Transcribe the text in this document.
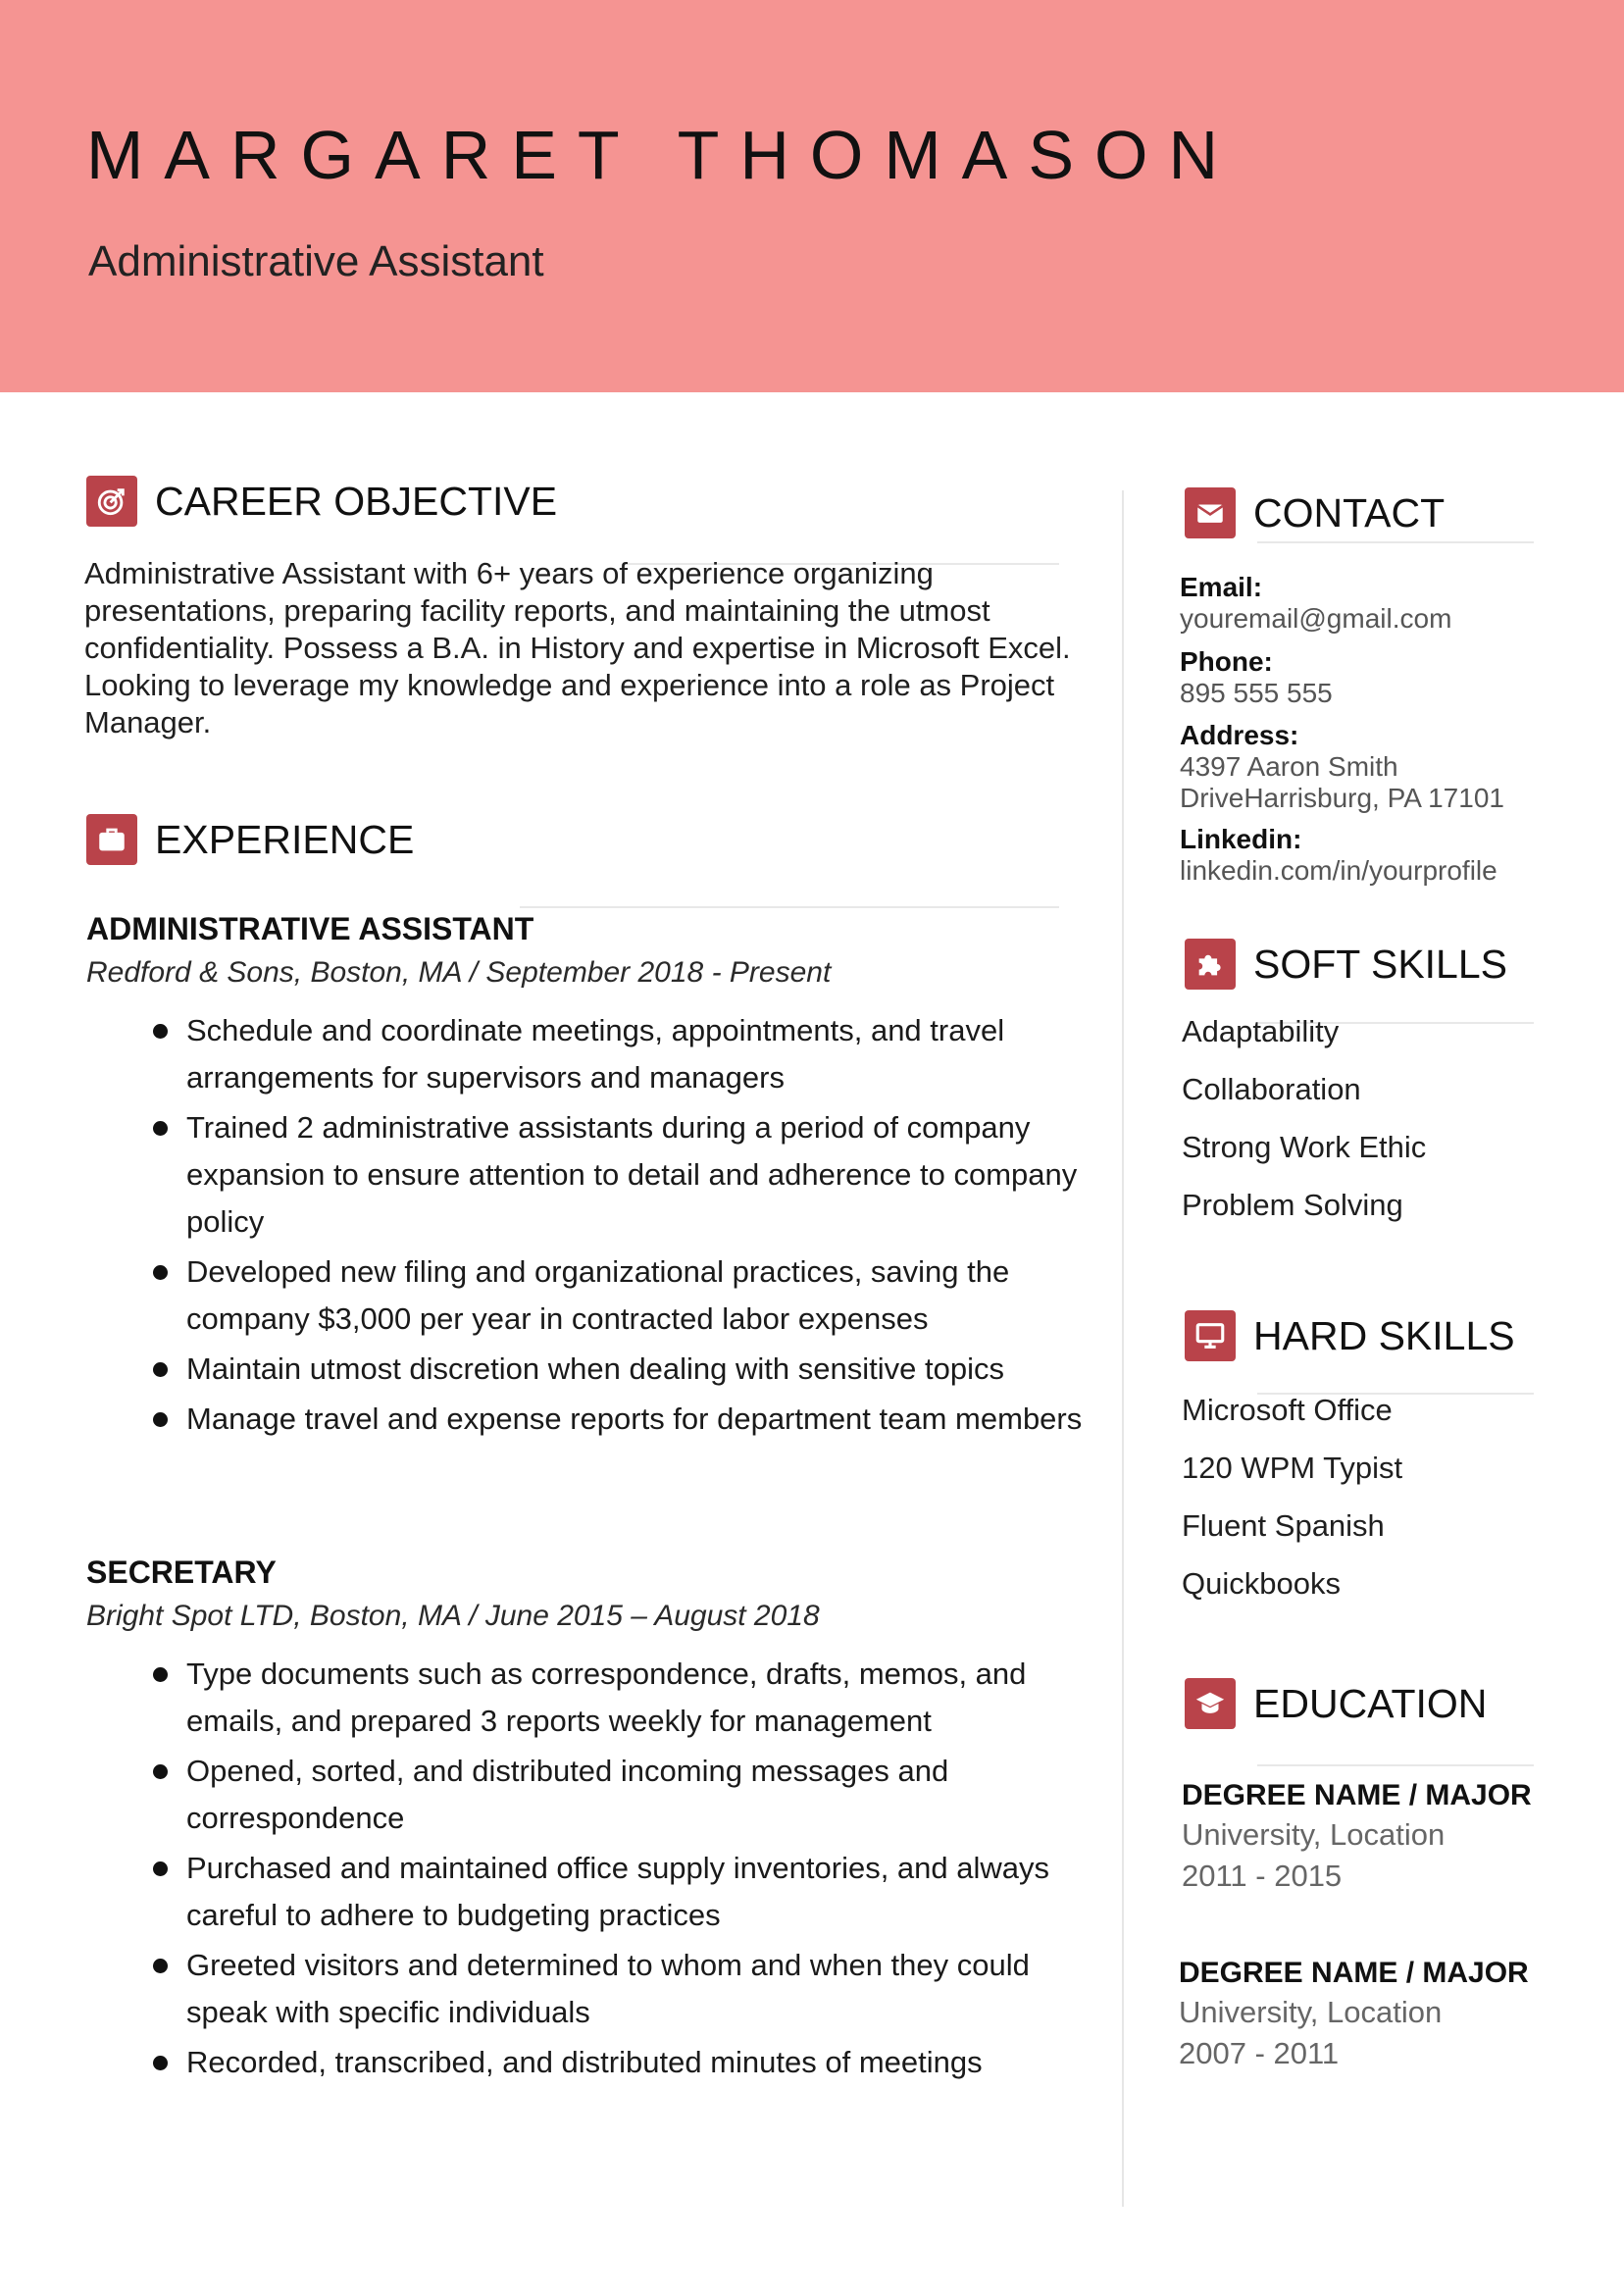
MARGARET THOMASON
Administrative Assistant
CAREER OBJECTIVE
Administrative Assistant with 6+ years of experience organizing presentations, preparing facility reports, and maintaining the utmost confidentiality. Possess a B.A. in History and expertise in Microsoft Excel. Looking to leverage my knowledge and experience into a role as Project Manager.
EXPERIENCE
ADMINISTRATIVE ASSISTANT
Redford & Sons, Boston, MA / September 2018 - Present
Schedule and coordinate meetings, appointments, and travel arrangements for supervisors and managers
Trained 2 administrative assistants during a period of company expansion to ensure attention to detail and adherence to company policy
Developed new filing and organizational practices, saving the company $3,000 per year in contracted labor expenses
Maintain utmost discretion when dealing with sensitive topics
Manage travel and expense reports for department team members
SECRETARY
Bright Spot LTD, Boston, MA / June 2015 – August 2018
Type documents such as correspondence, drafts, memos, and emails, and prepared 3 reports weekly for management
Opened, sorted, and distributed incoming messages and correspondence
Purchased and maintained office supply inventories, and always careful to adhere to budgeting practices
Greeted visitors and determined to whom and when they could speak with specific individuals
Recorded, transcribed, and distributed minutes of meetings
CONTACT
Email:
youremail@gmail.com
Phone:
895 555 555
Address:
4397 Aaron Smith
DriveHarrisburg, PA 17101
Linkedin:
linkedin.com/in/yourprofile
SOFT SKILLS
Adaptability
Collaboration
Strong Work Ethic
Problem Solving
HARD SKILLS
Microsoft Office
120 WPM Typist
Fluent Spanish
Quickbooks
EDUCATION
DEGREE NAME / MAJOR
University, Location
2011 - 2015
DEGREE NAME / MAJOR
University, Location
2007 - 2011
